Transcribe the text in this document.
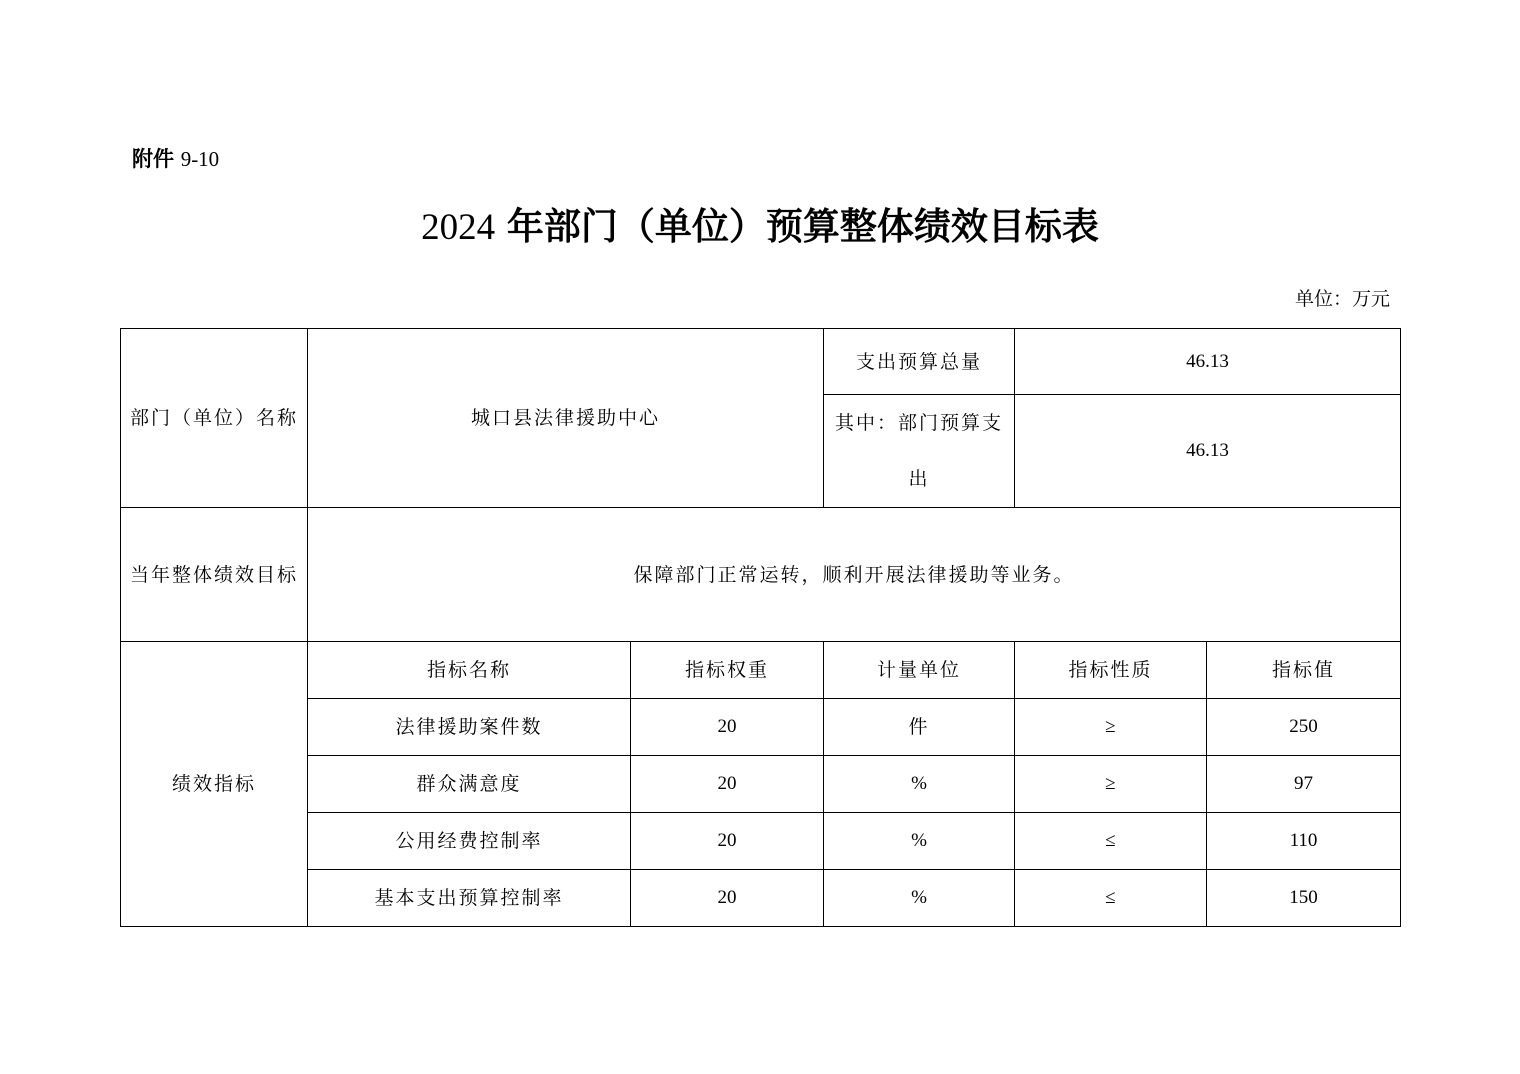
附件 9-10
2024 年部门（单位）预算整体绩效目标表
单位：万元
部门（单位）名称	城口县法律援助中心		支出预算总量	46.13	
			其中：部门预算支出	46.13	
当年整体绩效目标	保障部门正常运转，顺利开展法律援助等业务。				
绩效指标	指标名称	指标权重	计量单位	指标性质	指标值
	法律援助案件数	20	件	≥	250
	群众满意度	20	%	≥	97
	公用经费控制率	20	%	≤	110
	基本支出预算控制率	20	%	≤	150
